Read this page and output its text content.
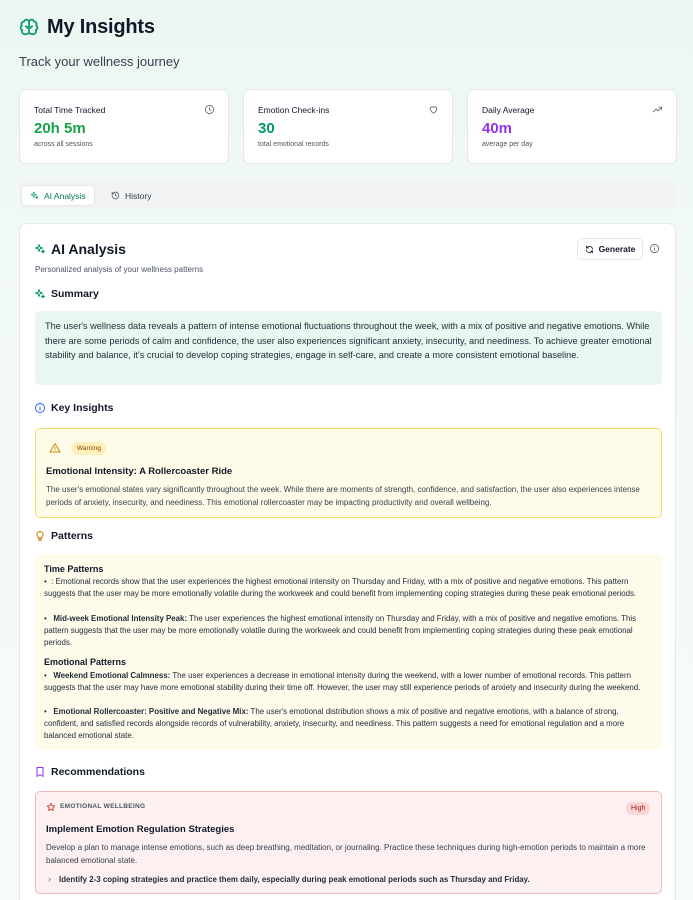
My Insights
Track your wellness journey
Total Time Tracked
20h 5m
across all sessions
Emotion Check-ins
30
total emotional records
Daily Average
40m
average per day
AI Analysis	History
AI Analysis
Personalized analysis of your wellness patterns
Generate
Summary
The user's wellness data reveals a pattern of intense emotional fluctuations throughout the week, with a mix of positive and negative emotions. While there are some periods of calm and confidence, the user also experiences significant anxiety, insecurity, and neediness. To achieve greater emotional stability and balance, it's crucial to develop coping strategies, engage in self-care, and create a more consistent emotional baseline.
Key Insights
Warning
Emotional Intensity: A Rollercoaster Ride
The user's emotional states vary significantly throughout the week. While there are moments of strength, confidence, and satisfaction, the user also experiences intense periods of anxiety, insecurity, and neediness. This emotional rollercoaster may be impacting productivity and overall wellbeing.
Patterns
Time Patterns
•  : Emotional records show that the user experiences the highest emotional intensity on Thursday and Friday, with a mix of positive and negative emotions. This pattern suggests that the user may be more emotionally volatile during the workweek and could benefit from implementing coping strategies during these peak emotional periods.
•   Mid-week Emotional Intensity Peak: The user experiences the highest emotional intensity on Thursday and Friday, with a mix of positive and negative emotions. This pattern suggests that the user may be more emotionally volatile during the workweek and could benefit from implementing coping strategies during these peak emotional periods.
Emotional Patterns
•   Weekend Emotional Calmness: The user experiences a decrease in emotional intensity during the weekend, with a lower number of emotional records. This pattern suggests that the user may have more emotional stability during their time off. However, the user may still experience periods of anxiety and insecurity during the weekend.
•   Emotional Rollercoaster: Positive and Negative Mix: The user's emotional distribution shows a mix of positive and negative emotions, with a balance of strong, confident, and satisfied records alongside records of vulnerability, anxiety, insecurity, and neediness. This pattern suggests a need for emotional regulation and a more balanced emotional state.
Recommendations
EMOTIONAL WELLBEING	High
Implement Emotion Regulation Strategies
Develop a plan to manage intense emotions, such as deep breathing, meditation, or journaling. Practice these techniques during high-emotion periods to maintain a more balanced emotional state.
› Identify 2-3 coping strategies and practice them daily, especially during peak emotional periods such as Thursday and Friday.
